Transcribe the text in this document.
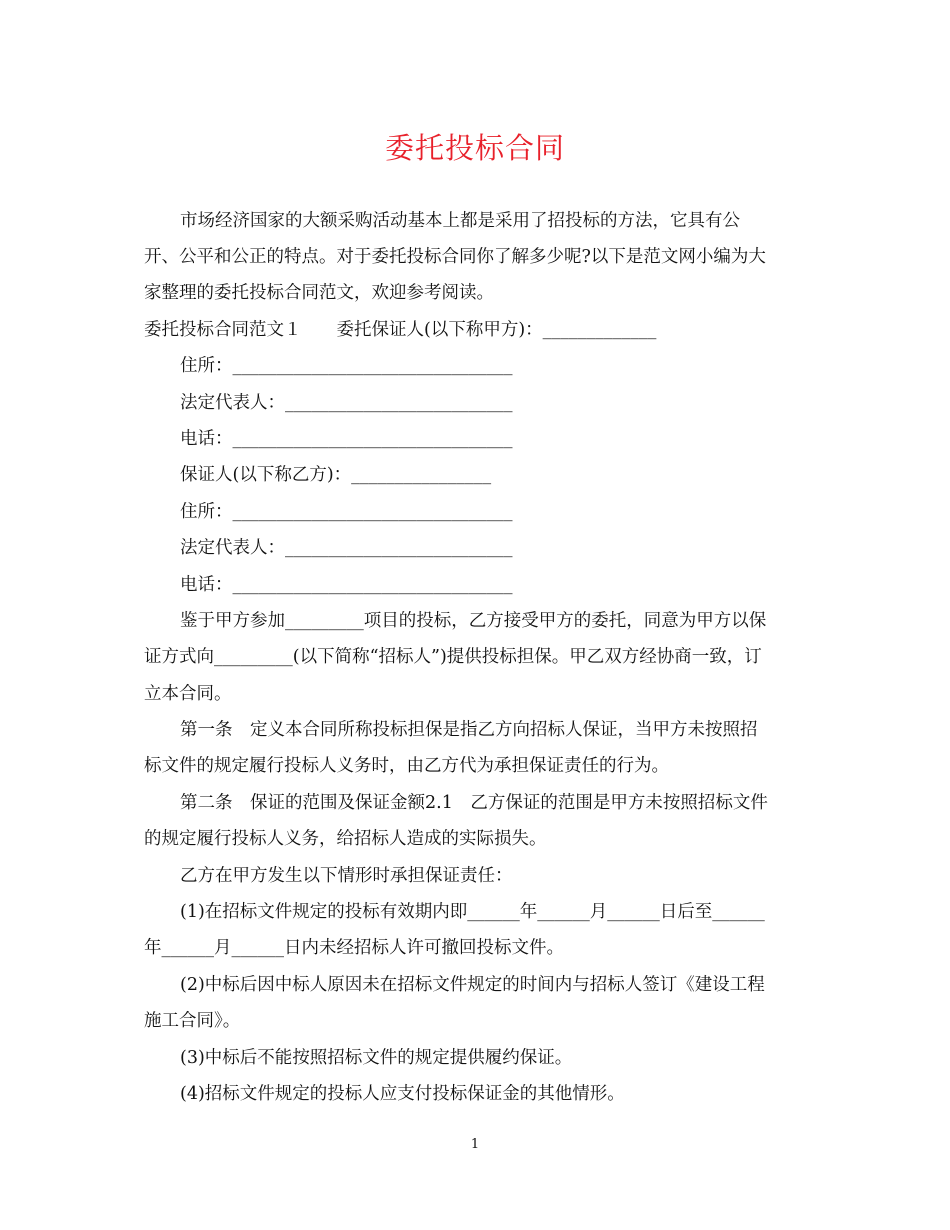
委托投标合同
市场经济国家的大额采购活动基本上都是采用了招投标的方法，它具有公
开、公平和公正的特点。对于委托投标合同你了解多少呢?以下是范文网小编为大
家整理的委托投标合同范文，欢迎参考阅读。
委托投标合同范文１　　委托保证人(以下称甲方)：_____________
住所：________________________________
法定代表人：__________________________
电话：________________________________
保证人(以下称乙方)：________________
住所：________________________________
法定代表人：__________________________
电话：________________________________
鉴于甲方参加_________项目的投标，乙方接受甲方的委托，同意为甲方以保
证方式向_________(以下简称“招标人”)提供投标担保。甲乙双方经协商一致，订
立本合同。
第一条　定义本合同所称投标担保是指乙方向招标人保证，当甲方未按照招
标文件的规定履行投标人义务时，由乙方代为承担保证责任的行为。
第二条　保证的范围及保证金额2.1　乙方保证的范围是甲方未按照招标文件
的规定履行投标人义务，给招标人造成的实际损失。
乙方在甲方发生以下情形时承担保证责任：
(1)在招标文件规定的投标有效期内即______年______月______日后至______
年______月______日内未经招标人许可撤回投标文件。
(2)中标后因中标人原因未在招标文件规定的时间内与招标人签订《建设工程
施工合同》。
(3)中标后不能按照招标文件的规定提供履约保证。
(4)招标文件规定的投标人应支付投标保证金的其他情形。
1
